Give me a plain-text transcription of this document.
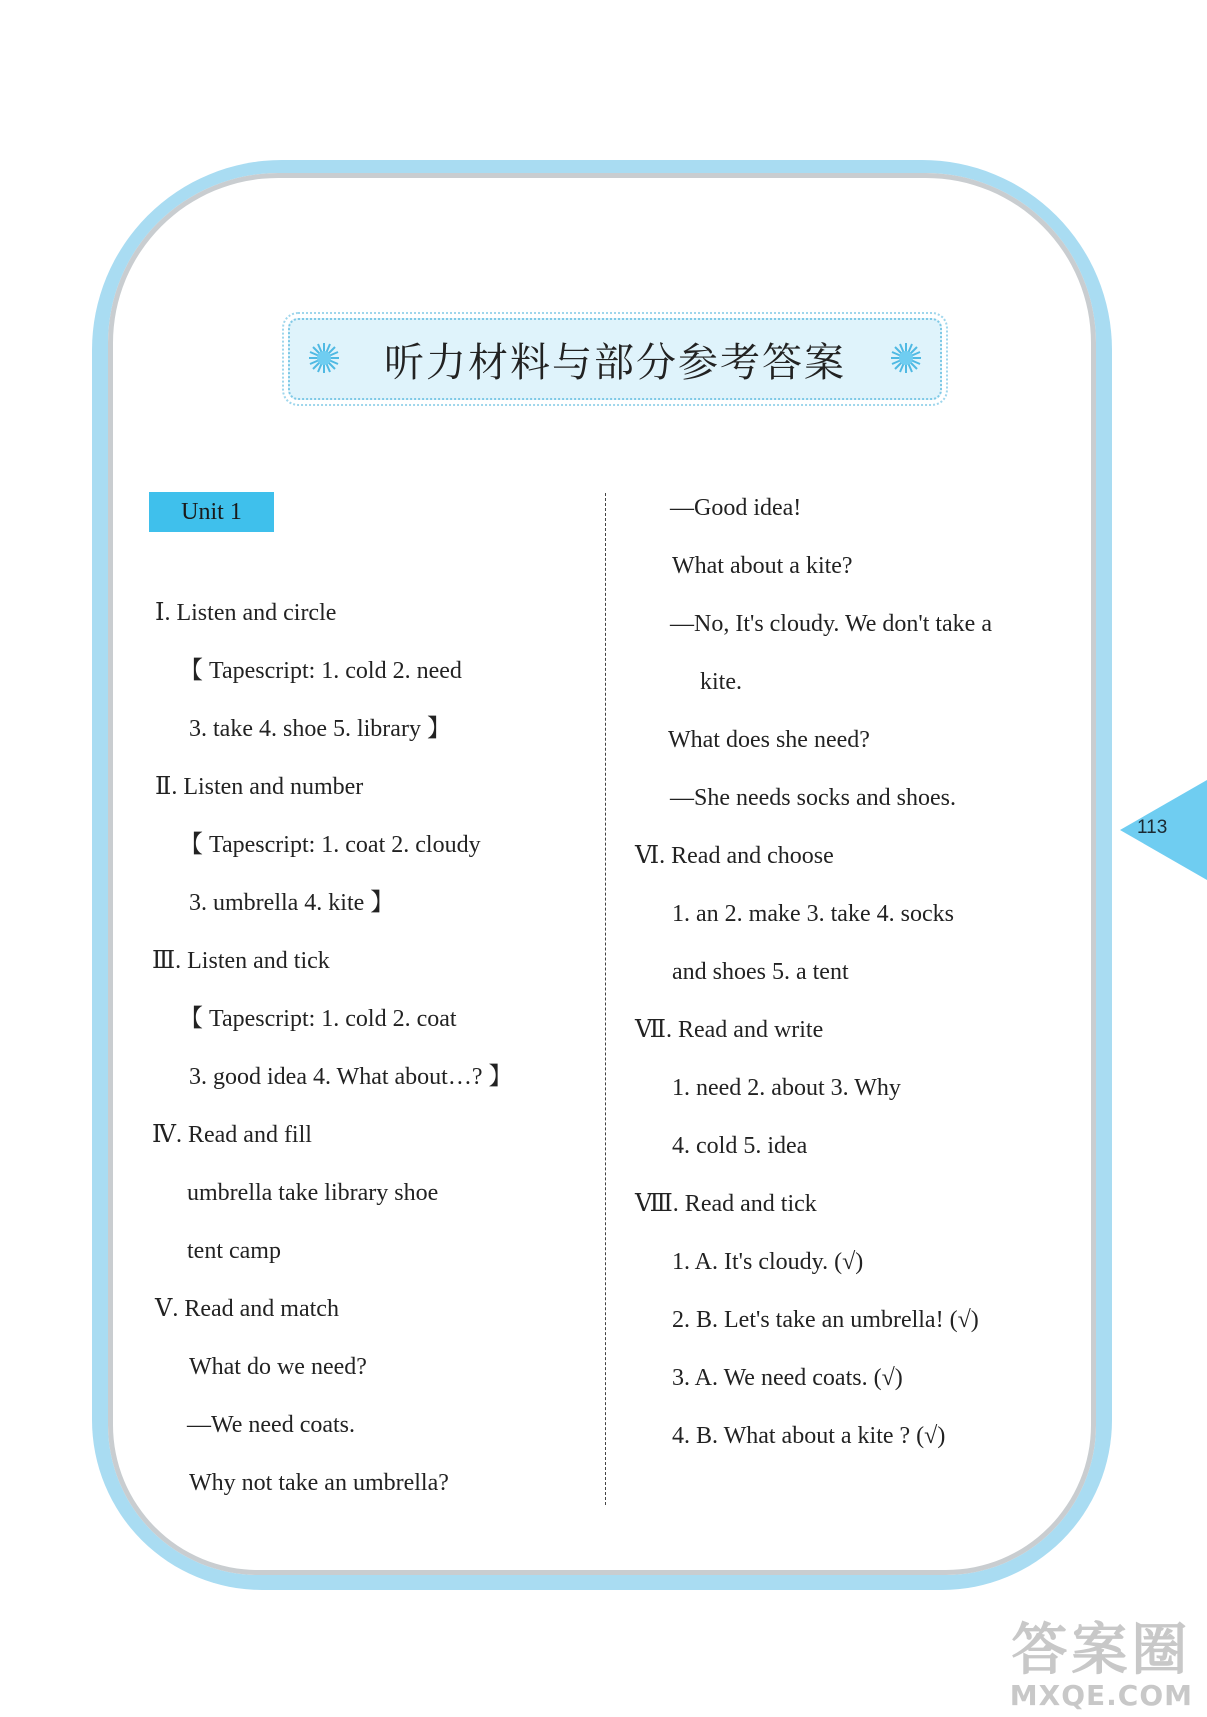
听力材料与部分参考答案
Unit 1
Ⅰ. Listen and circle
【 Tapescript: 1. cold 2. need
3. take 4. shoe 5. library 】
Ⅱ. Listen and number
【 Tapescript: 1. coat 2. cloudy
3. umbrella 4. kite 】
Ⅲ. Listen and tick
【 Tapescript: 1. cold 2. coat
3. good idea 4. What about…? 】
Ⅳ. Read and fill
umbrella take library shoe
tent camp
Ⅴ. Read and match
What do we need?
—We need coats.
Why not take an umbrella?
—Good idea!
What about a kite?
—No, It's cloudy. We don't take a
kite.
What does she need?
—She needs socks and shoes.
Ⅵ. Read and choose
1. an 2. make 3. take 4. socks
and shoes 5. a tent
Ⅶ. Read and write
1. need 2. about 3. Why
4. cold 5. idea
Ⅷ. Read and tick
1. A. It's cloudy. (√)
2. B. Let's take an umbrella! (√)
3. A. We need coats. (√)
4. B. What about a kite ? (√)
113
答案圈
MXQE.COM
